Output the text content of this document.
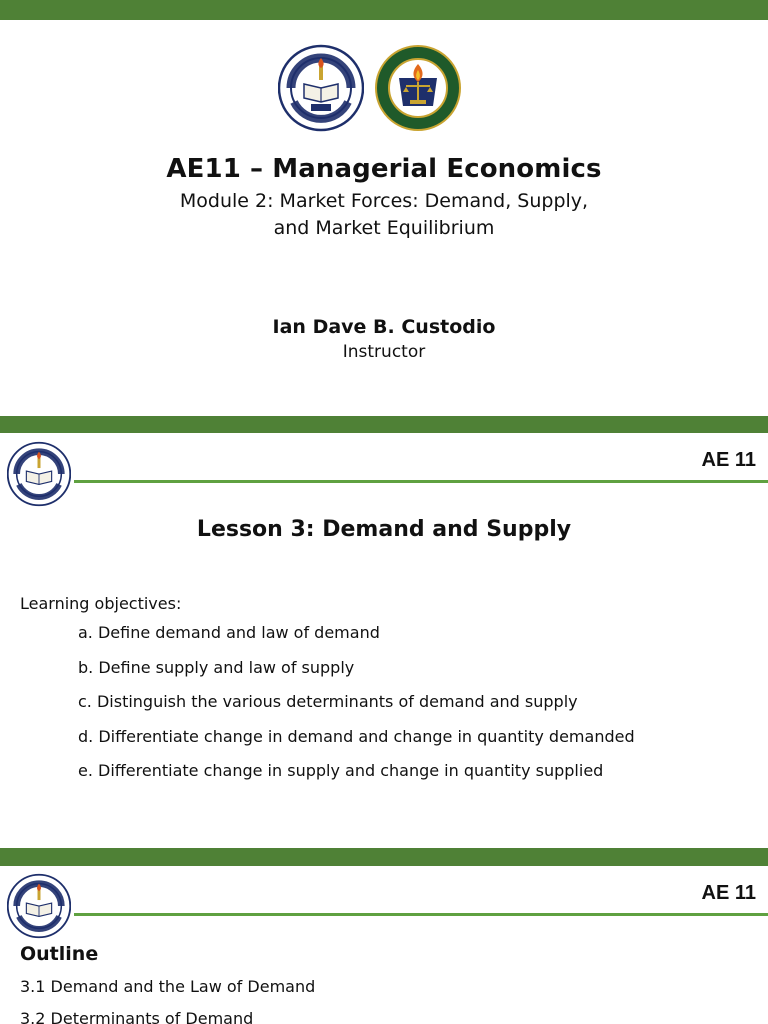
AE11 – Managerial Economics
Module 2: Market Forces: Demand, Supply,
and Market Equilibrium
Ian Dave B. Custodio
Instructor
AE 11
Lesson 3: Demand and Supply
Learning objectives:
a. Define demand and law of demand
b. Define supply and law of supply
c. Distinguish the various determinants of demand and supply
d. Differentiate change in demand and change in quantity demanded
e. Differentiate change in supply and change in quantity supplied
AE 11
Outline
3.1 Demand and the Law of Demand
3.2 Determinants of Demand
